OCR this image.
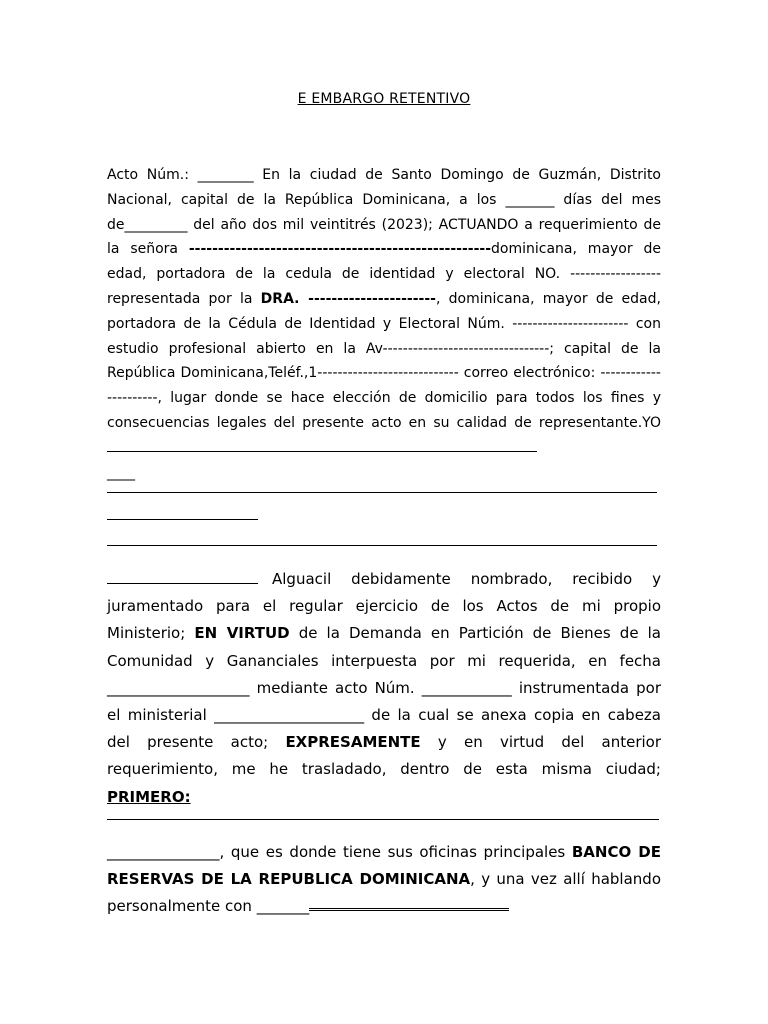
E EMBARGO RETENTIVO

Acto Núm.: ________ En la ciudad de Santo Domingo de Guzmán, Distrito Nacional, capital de la República Dominicana, a los _______ días del mes de_________ del año dos mil veintitrés (2023); ACTUANDO a requerimiento de la señora ----------------------------------------------------dominicana, mayor de edad, portadora de la cedula de identidad y electoral NO. ------------------ representada por la DRA. ----------------------, dominicana, mayor de edad, portadora de la Cédula de Identidad y Electoral Núm. ----------------------- con estudio profesional abierto en la Av---------------------------------; capital de la República Dominicana,Teléf.,1---------------------------- correo electrónico: ----------------------, lugar donde se hace elección de domicilio para todos los fines y consecuencias legales del presente acto en su calidad de representante.YO
____

Alguacil debidamente nombrado, recibido y juramentado para el regular ejercicio de los Actos de mi propio Ministerio; EN VIRTUD de la Demanda en Partición de Bienes de la Comunidad y Gananciales interpuesta por mi requerida, en fecha ___________________ mediante acto Núm. ____________ instrumentada por el ministerial ____________________ de la cual se anexa copia en cabeza del presente acto; EXPRESAMENTE y en virtud del anterior requerimiento, me he trasladado, dentro de esta misma ciudad; PRIMERO:

_______________, que es donde tiene sus oficinas principales BANCO DE RESERVAS DE LA REPUBLICA DOMINICANA, y una vez allí hablando personalmente con _______
